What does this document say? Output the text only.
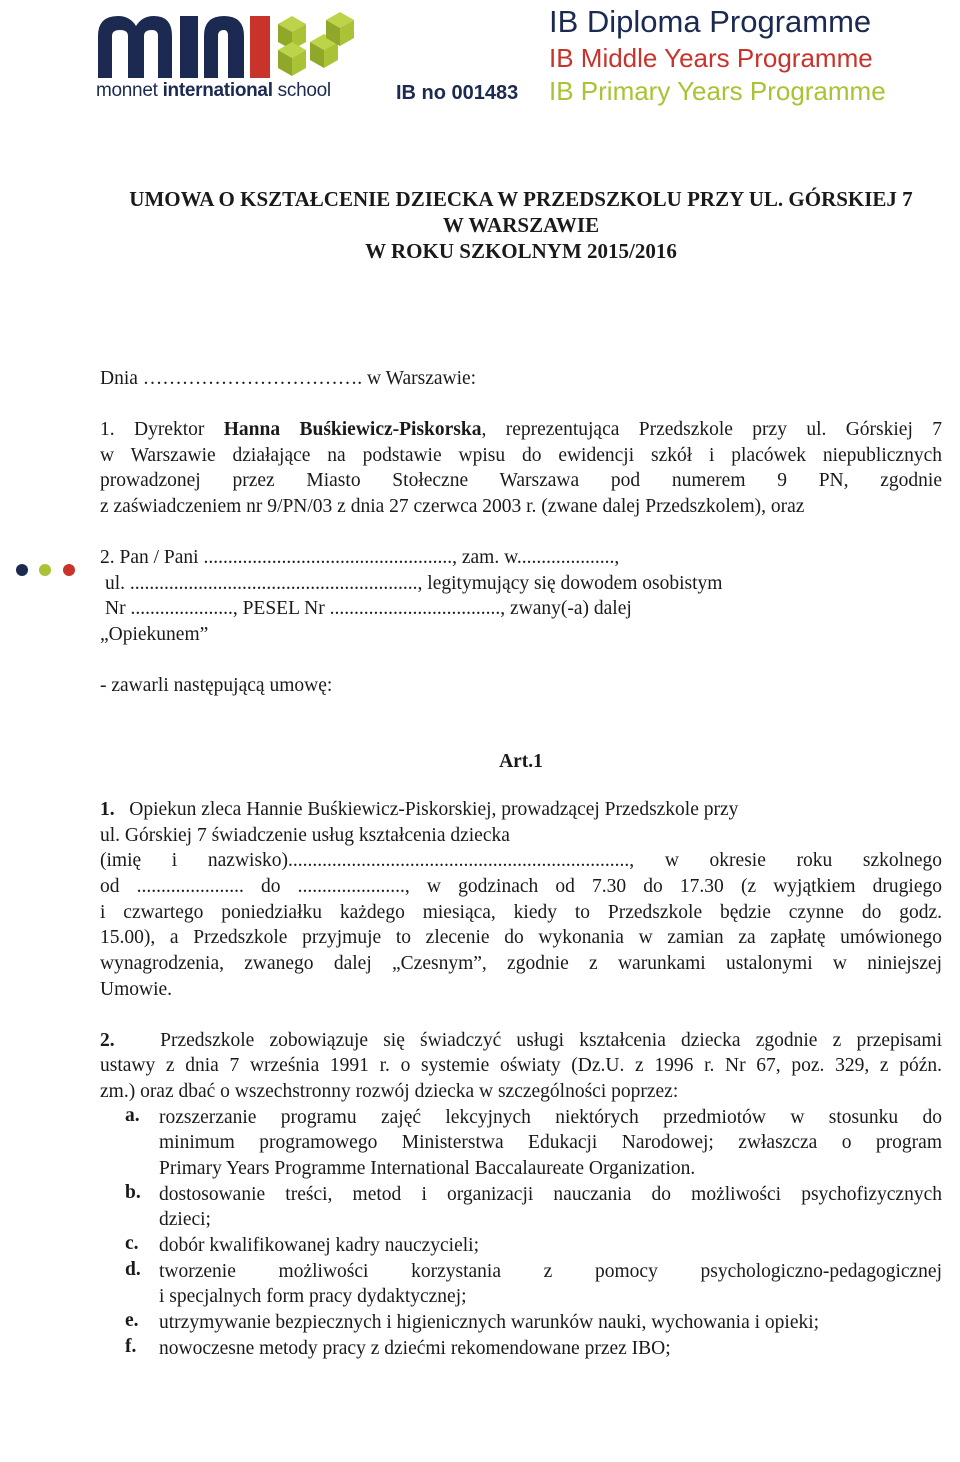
monnet international school	IB no 001483
IB Diploma Programme
IB Middle Years Programme
IB Primary Years Programme
UMOWA O KSZTAŁCENIE DZIECKA W PRZEDSZKOLU PRZY UL. GÓRSKIEJ 7
W WARSZAWIE
W ROKU SZKOLNYM 2015/2016
Dnia ……………………………. w Warszawie:
1. Dyrektor Hanna Buśkiewicz-Piskorska, reprezentująca Przedszkole przy ul. Górskiej 7
w Warszawie działające na podstawie wpisu do ewidencji szkół i placówek niepublicznych
prowadzonej przez Miasto Stołeczne Warszawa pod numerem 9 PN, zgodnie
z zaświadczeniem nr 9/PN/03 z dnia 27 czerwca 2003 r. (zwane dalej Przedszkolem), oraz
2. Pan / Pani ..................................................., zam. w....................,
ul. ..........................................................., legitymujący się dowodem osobistym
Nr ....................., PESEL Nr ..................................., zwany(-a) dalej
„Opiekunem”
- zawarli następującą umowę:
Art.1
1. Opiekun zleca Hannie Buśkiewicz-Piskorskiej, prowadzącej Przedszkole przy
ul. Górskiej 7 świadczenie usług kształcenia dziecka
(imię i nazwisko)......................................................................, w okresie roku szkolnego
od ...................... do ......................, w godzinach od 7.30 do 17.30 (z wyjątkiem drugiego
i czwartego poniedziałku każdego miesiąca, kiedy to Przedszkole będzie czynne do godz.
15.00), a Przedszkole przyjmuje to zlecenie do wykonania w zamian za zapłatę umówionego
wynagrodzenia, zwanego dalej „Czesnym”, zgodnie z warunkami ustalonymi w niniejszej
Umowie.
2. Przedszkole zobowiązuje się świadczyć usługi kształcenia dziecka zgodnie z przepisami
ustawy z dnia 7 września 1991 r. o systemie oświaty (Dz.U. z 1996 r. Nr 67, poz. 329, z późn.
zm.) oraz dbać o wszechstronny rozwój dziecka w szczególności poprzez:
a. rozszerzanie programu zajęć lekcyjnych niektórych przedmiotów w stosunku do
minimum programowego Ministerstwa Edukacji Narodowej; zwłaszcza o program
Primary Years Programme International Baccalaureate Organization.
b. dostosowanie treści, metod i organizacji nauczania do możliwości psychofizycznych
dzieci;
c. dobór kwalifikowanej kadry nauczycieli;
d. tworzenie możliwości korzystania z pomocy psychologiczno-pedagogicznej
i specjalnych form pracy dydaktycznej;
e. utrzymywanie bezpiecznych i higienicznych warunków nauki, wychowania i opieki;
f. nowoczesne metody pracy z dziećmi rekomendowane przez IBO;
